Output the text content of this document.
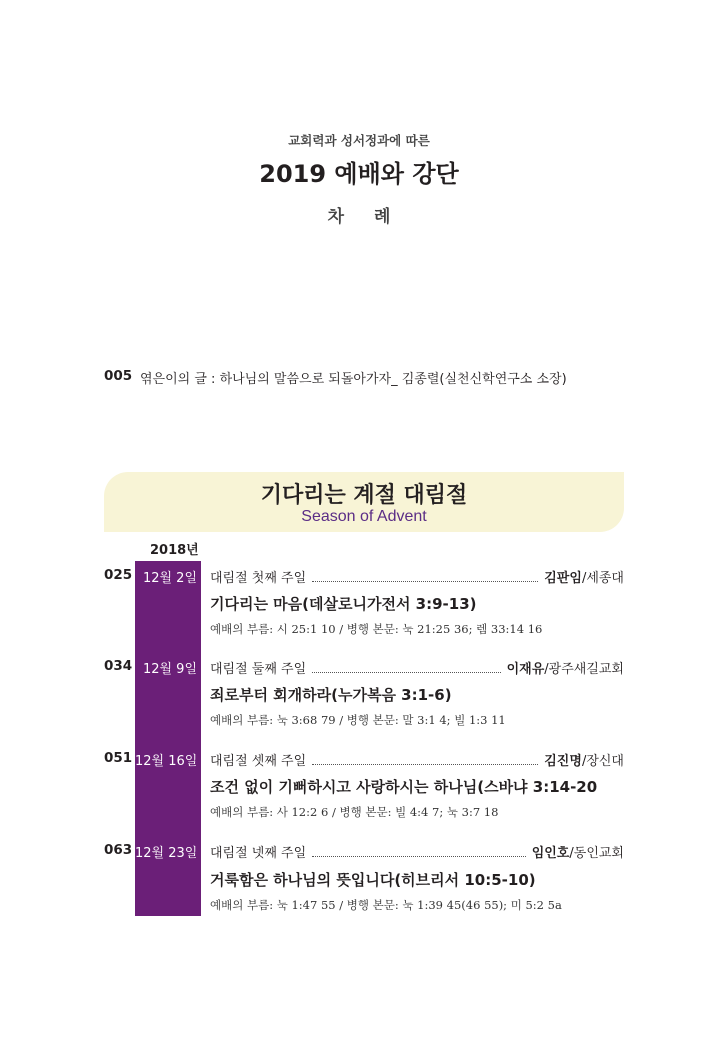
교회력과 성서정과에 따른
2019 예배와 강단
차 례
005 엮은이의 글 : 하나님의 말씀으로 되돌아가자_ 김종렬(실천신학연구소 소장)
기다리는 계절 대림절
Season of Advent
2018년
025 12월 2일 대림절 첫째 주일	김판임/세종대
기다리는 마음(데살로니가전서 3:9-13)
예배의 부름: 시 25:1 10 / 병행 본문: 눅 21:25 36; 렘 33:14 16
034 12월 9일 대림절 둘째 주일	이재유/광주새길교회
죄로부터 회개하라(누가복음 3:1-6)
예배의 부름: 눅 3:68 79 / 병행 본문: 말 3:1 4; 빌 1:3 11
051 12월 16일 대림절 셋째 주일	김진명/장신대
조건 없이 기뻐하시고 사랑하시는 하나님(스바냐 3:14-20
예배의 부름: 사 12:2 6 / 병행 본문: 빌 4:4 7; 눅 3:7 18
063 12월 23일 대림절 넷째 주일	임인호/동인교회
거룩함은 하나님의 뜻입니다(히브리서 10:5-10)
예배의 부름: 눅 1:47 55 / 병행 본문: 눅 1:39 45(46 55); 미 5:2 5a
